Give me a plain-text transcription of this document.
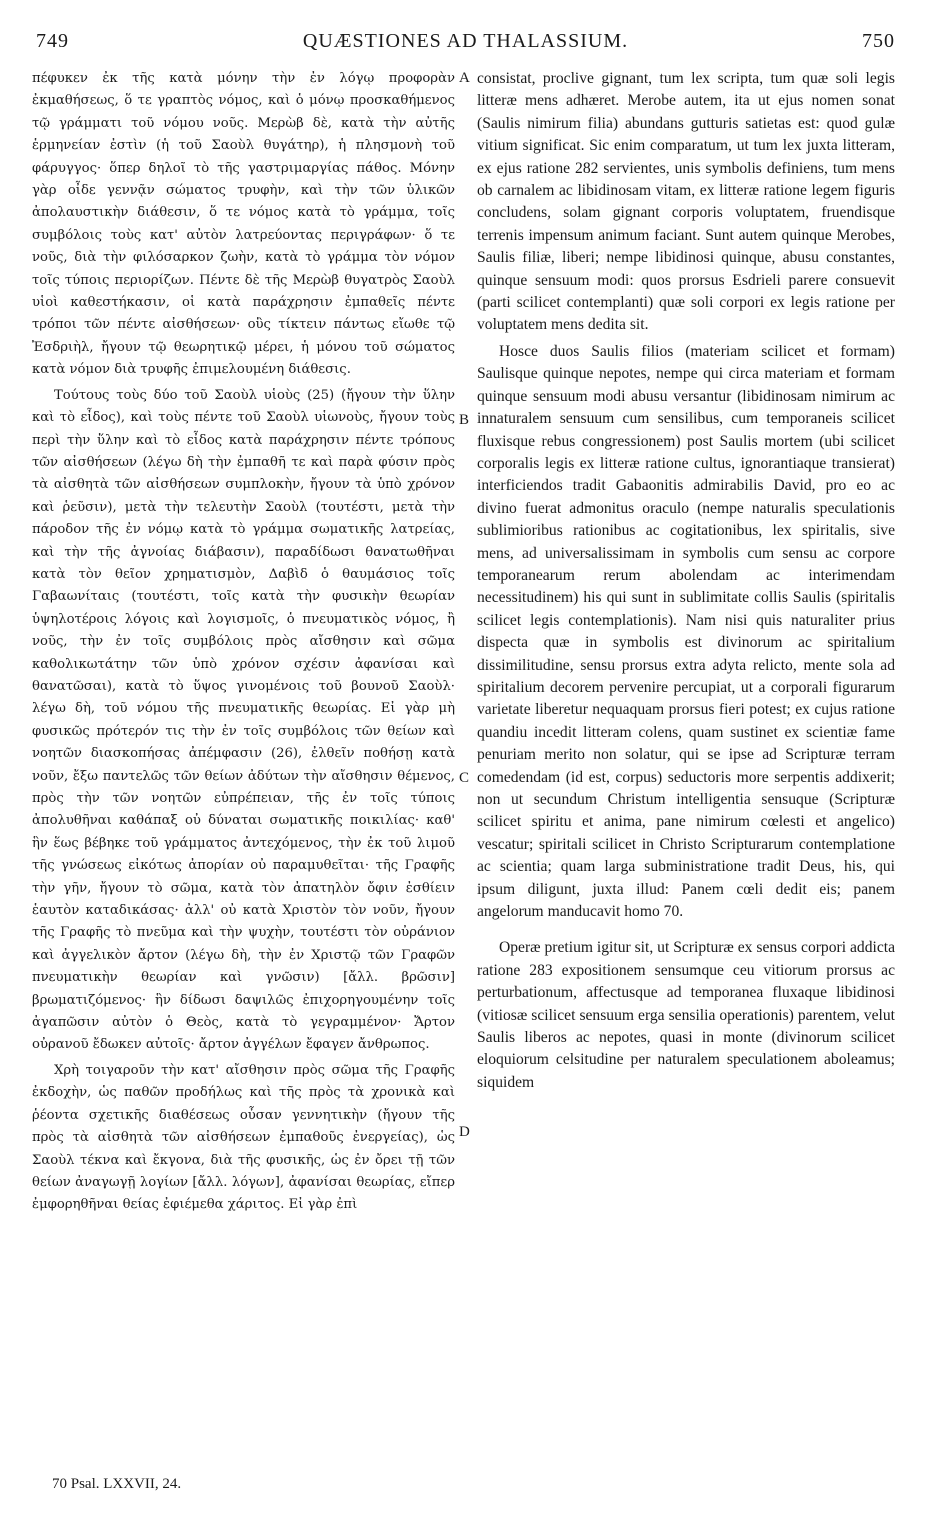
749	QUÆSTIONES AD THALASSIUM.	750

πέφυκεν ἐκ τῆς κατὰ μόνην τὴν ἐν λόγῳ προφορὰν ἐκμαθήσεως, ὅ τε γραπτὸς νόμος, καὶ ὁ μόνῳ προσκαθήμενος τῷ γράμματι τοῦ νόμου νοῦς. Μερὼβ δὲ, κατὰ τὴν αὐτῆς ἑρμηνείαν ἐστὶν (ἡ τοῦ Σαοὺλ θυγάτηρ), ἡ πλησμονὴ τοῦ φάρυγγος· ὅπερ δηλοῖ τὸ τῆς γαστριμαργίας πάθος. Μόνην γὰρ οἶδε γεννᾷν σώματος τρυφὴν, καὶ τὴν τῶν ὑλικῶν ἀπολαυστικὴν διάθεσιν, ὅ τε νόμος κατὰ τὸ γράμμα, τοῖς συμβόλοις τοὺς κατ' αὐτὸν λατρεύοντας περιγράφων· ὅ τε νοῦς, διὰ τὴν φιλόσαρκον ζωὴν, κατὰ τὸ γράμμα τὸν νόμον τοῖς τύποις περιορίζων. Πέντε δὲ τῆς Μερὼβ θυγατρὸς Σαοὺλ υἱοὶ καθεστήκασιν, οἱ κατὰ παράχρησιν ἐμπαθεῖς πέντε τρόποι τῶν πέντε αἰσθήσεων· οὓς τίκτειν πάντως εἴωθε τῷ Ἐσδριὴλ, ἤγουν τῷ θεωρητικῷ μέρει, ἡ μόνου τοῦ σώματος κατὰ νόμον διὰ τρυφῆς ἐπιμελουμένη διάθεσις.

Τούτους τοὺς δύο τοῦ Σαοὺλ υἱοὺς (25) (ἤγουν τὴν ὕλην καὶ τὸ εἶδος), καὶ τοὺς πέντε τοῦ Σαοὺλ υἱωνοὺς, ἤγουν τοὺς περὶ τὴν ὕλην καὶ τὸ εἶδος κατὰ παράχρησιν πέντε τρόπους τῶν αἰσθήσεων (λέγω δὴ τὴν ἐμπαθῆ τε καὶ παρὰ φύσιν πρὸς τὰ αἰσθητὰ τῶν αἰσθήσεων συμπλοκὴν, ἤγουν τὰ ὑπὸ χρόνον καὶ ῥεῦσιν), μετὰ τὴν τελευτὴν Σαοὺλ (τουτέστι, μετὰ τὴν πάροδον τῆς ἐν νόμῳ κατὰ τὸ γράμμα σωματικῆς λατρείας, καὶ τὴν τῆς ἀγνοίας διάβασιν), παραδίδωσι θανατωθῆναι κατὰ τὸν θεῖον χρηματισμὸν, Δαβὶδ ὁ θαυμάσιος τοῖς Γαβαωνίταις (τουτέστι, τοῖς κατὰ τὴν φυσικὴν θεωρίαν ὑψηλοτέροις λόγοις καὶ λογισμοῖς, ὁ πνευματικὸς νόμος, ἢ νοῦς, τὴν ἐν τοῖς συμβόλοις πρὸς αἴσθησιν καὶ σῶμα καθολικωτάτην τῶν ὑπὸ χρόνον σχέσιν ἀφανίσαι καὶ θανατῶσαι), κατὰ τὸ ὕψος γινομένοις τοῦ βουνοῦ Σαοὺλ· λέγω δὴ, τοῦ νόμου τῆς πνευματικῆς θεωρίας. Εἰ γὰρ μὴ φυσικῶς πρότερόν τις τὴν ἐν τοῖς συμβόλοις τῶν θείων καὶ νοητῶν διασκοπήσας ἀπέμφασιν (26), ἐλθεῖν ποθήσῃ κατὰ νοῦν, ἔξω παντελῶς τῶν θείων ἀδύτων τὴν αἴσθησιν θέμενος, πρὸς τὴν τῶν νοητῶν εὐπρέπειαν, τῆς ἐν τοῖς τύποις ἀπολυθῆναι καθάπαξ οὐ δύναται σωματικῆς ποικιλίας· καθ' ἣν ἕως βέβηκε τοῦ γράμματος ἀντεχόμενος, τὴν ἐκ τοῦ λιμοῦ τῆς γνώσεως εἰκότως ἀπορίαν οὐ παραμυθεῖται· τῆς Γραφῆς τὴν γῆν, ἤγουν τὸ σῶμα, κατὰ τὸν ἀπατηλὸν ὄφιν ἐσθίειν ἑαυτὸν καταδικάσας· ἀλλ' οὐ κατὰ Χριστὸν τὸν νοῦν, ἤγουν τῆς Γραφῆς τὸ πνεῦμα καὶ τὴν ψυχὴν, τουτέστι τὸν οὐράνιον καὶ ἀγγελικὸν ἄρτον (λέγω δὴ, τὴν ἐν Χριστῷ τῶν Γραφῶν πνευματικὴν θεωρίαν καὶ γνῶσιν) [ἄλλ. βρῶσιν] βρωματιζόμενος· ἣν δίδωσι δαψιλῶς ἐπιχορηγουμένην τοῖς ἀγαπῶσιν αὐτὸν ὁ Θεὸς, κατὰ τὸ γεγραμμένον· Ἄρτον οὐρανοῦ ἔδωκεν αὐτοῖς· ἄρτον ἀγγέλων ἔφαγεν ἄνθρωπος.

Χρὴ τοιγαροῦν τὴν κατ' αἴσθησιν πρὸς σῶμα τῆς Γραφῆς ἐκδοχὴν, ὡς παθῶν προδήλως καὶ τῆς πρὸς τὰ χρονικὰ καὶ ῥέοντα σχετικῆς διαθέσεως οὖσαν γεννητικὴν (ἤγουν τῆς πρὸς τὰ αἰσθητὰ τῶν αἰσθήσεων ἐμπαθοῦς ἐνεργείας), ὡς Σαοὺλ τέκνα καὶ ἔκγονα, διὰ τῆς φυσικῆς, ὡς ἐν ὄρει τῇ τῶν θείων ἀναγωγῇ λογίων [ἄλλ. λόγων], ἀφανίσαι θεωρίας, εἴπερ ἐμφορηθῆναι θείας ἐφιέμεθα χάριτος. Εἰ γὰρ ἐπὶ

consistat, proclive gignant, tum lex scripta, tum quæ soli legis litteræ mens adhæret. Merobe autem, ita ut ejus nomen sonat (Saulis nimirum filia) abundans gutturis satietas est: quod gulæ vitium significat. Sic enim comparatum, ut tum lex juxta litteram, ex ejus ratione 282 servientes, unis symbolis definiens, tum mens ob carnalem ac libidinosam vitam, ex litteræ ratione legem figuris concludens, solam gignant corporis voluptatem, fruendisque terrenis impensum animum faciant. Sunt autem quinque Merobes, Saulis filiæ, liberi; nempe libidinosi quinque, abusu constantes, quinque sensuum modi: quos prorsus Esdrieli parere consuevit (parti scilicet contemplanti) quæ soli corpori ex legis ratione per voluptatem mens dedita sit.

Hosce duos Saulis filios (materiam scilicet et formam) Saulisque quinque nepotes, nempe qui circa materiam et formam quinque sensuum modi abusu versantur (libidinosam nimirum ac innaturalem sensuum cum sensilibus, cum temporaneis scilicet fluxisque rebus congressionem) post Saulis mortem (ubi scilicet corporalis legis ex litteræ ratione cultus, ignorantiaque transierat) interficiendos tradit Gabaonitis admirabilis David, pro eo ac divino fuerat admonitus oraculo (nempe naturalis speculationis sublimioribus rationibus ac cogitationibus, lex spiritalis, sive mens, ad universalissimam in symbolis cum sensu ac corpore temporanearum rerum abolendam ac interimendam necessitudinem) his qui sunt in sublimitate collis Saulis (spiritalis scilicet legis contemplationis). Nam nisi quis naturaliter prius dispecta quæ in symbolis est divinorum ac spiritalium dissimilitudine, sensu prorsus extra adyta relicto, mente sola ad spiritalium decorem pervenire percupiat, ut a corporali figurarum varietate liberetur nequaquam prorsus fieri potest; ex cujus ratione quandiu incedit litteram colens, quam sustinet ex scientiæ fame penuriam merito non solatur, qui se ipse ad Scripturæ terram comedendam (id est, corpus) seductoris more serpentis addixerit; non ut secundum Christum intelligentia sensuque (Scripturæ scilicet spiritu et anima, pane nimirum cœlesti et angelico) vescatur; spiritali scilicet in Christo Scripturarum contemplatione ac scientia; quam larga subministratione tradit Deus, his, qui ipsum diligunt, juxta illud: Panem cœli dedit eis; panem angelorum manducavit homo 70.

Operæ pretium igitur sit, ut Scripturæ ex sensus corpori addicta ratione 283 expositionem sensumque ceu vitiorum prorsus ac perturbationum, affectusque ad temporanea fluxaque libidinosi (vitiosæ scilicet sensuum erga sensilia operationis) parentem, velut Saulis liberos ac nepotes, quasi in monte (divinorum scilicet eloquiorum celsitudine per naturalem speculationem aboleamus; siquidem

A
B
C
D
70 Psal. LXXVII, 24.
